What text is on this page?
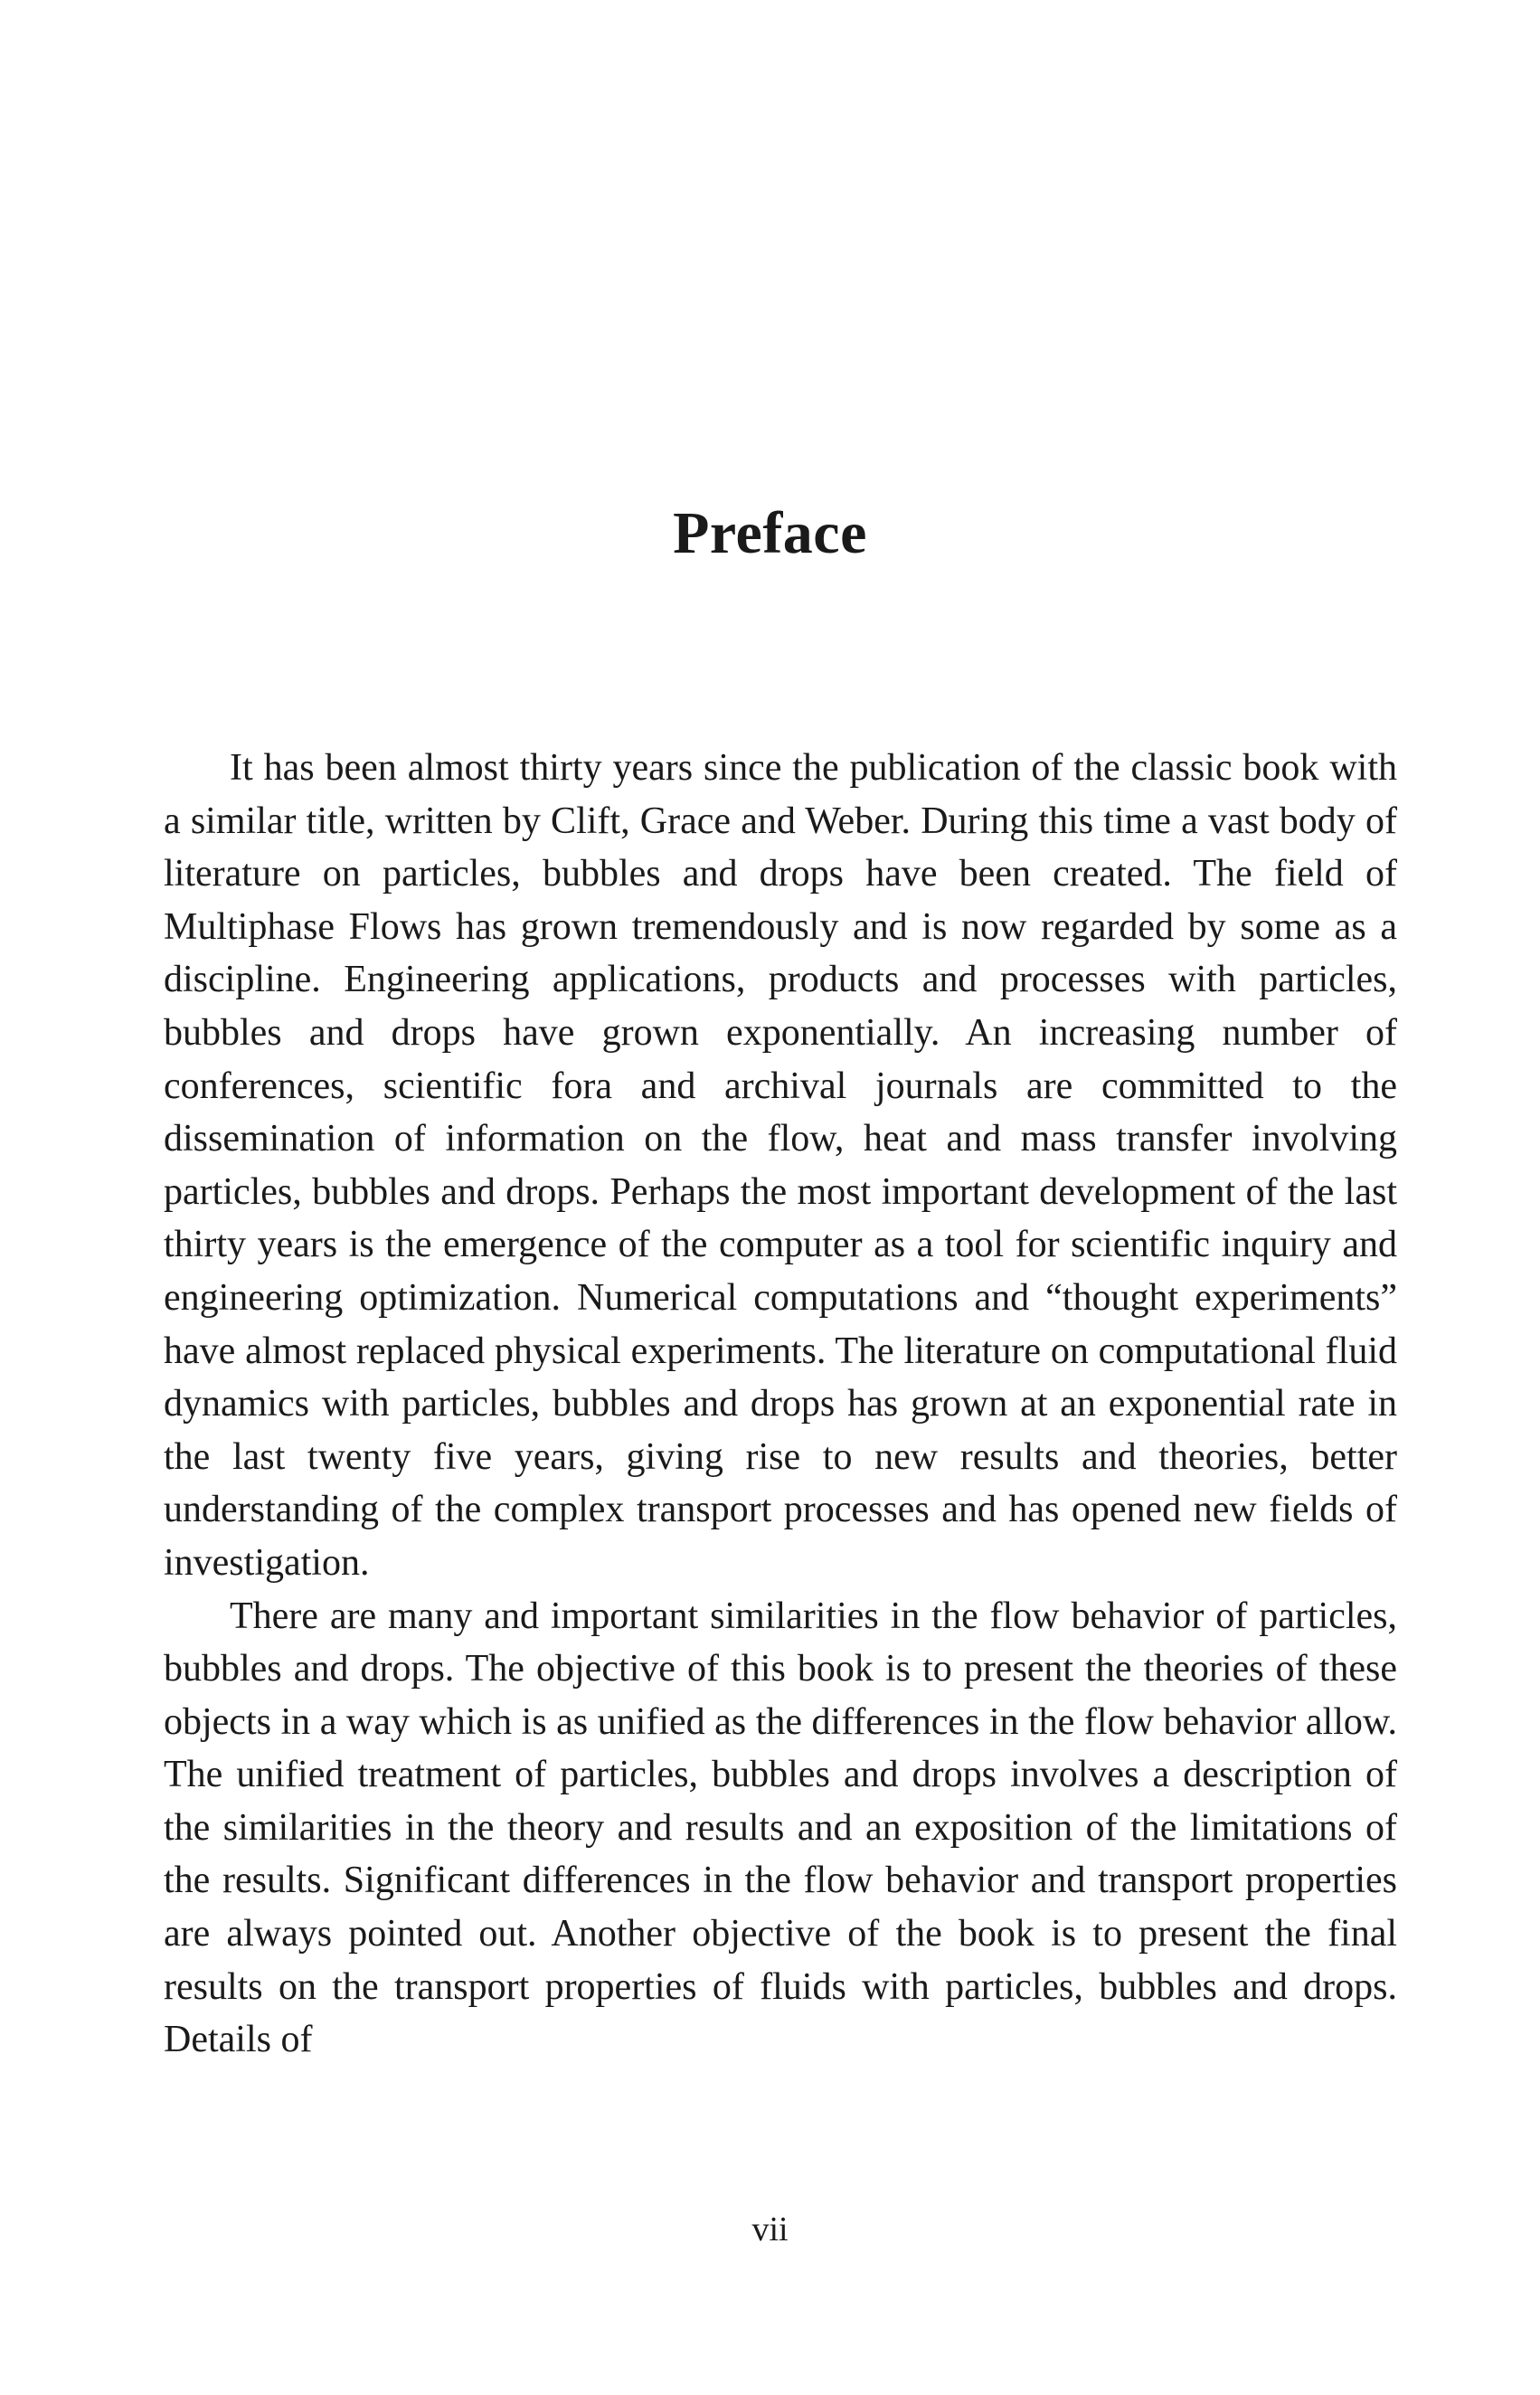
Preface

It has been almost thirty years since the publication of the classic book with a similar title, written by Clift, Grace and Weber. During this time a vast body of literature on particles, bubbles and drops have been created. The field of Multiphase Flows has grown tremendously and is now regarded by some as a discipline. Engineering applications, products and processes with particles, bubbles and drops have grown exponentially. An increasing number of conferences, scientific fora and archival journals are committed to the dissemination of information on the flow, heat and mass transfer involving particles, bubbles and drops. Perhaps the most important development of the last thirty years is the emergence of the computer as a tool for scientific inquiry and engineering optimization. Numerical computations and “thought experiments” have almost replaced physical experiments. The literature on computational fluid dynamics with particles, bubbles and drops has grown at an exponential rate in the last twenty five years, giving rise to new results and theories, better understanding of the complex transport processes and has opened new fields of investigation.

There are many and important similarities in the flow behavior of particles, bubbles and drops. The objective of this book is to present the theories of these objects in a way which is as unified as the differences in the flow behavior allow. The unified treatment of particles, bubbles and drops involves a description of the similarities in the theory and results and an exposition of the limitations of the results. Significant differences in the flow behavior and transport properties are always pointed out. Another objective of the book is to present the final results on the transport properties of fluids with particles, bubbles and drops. Details of

vii
